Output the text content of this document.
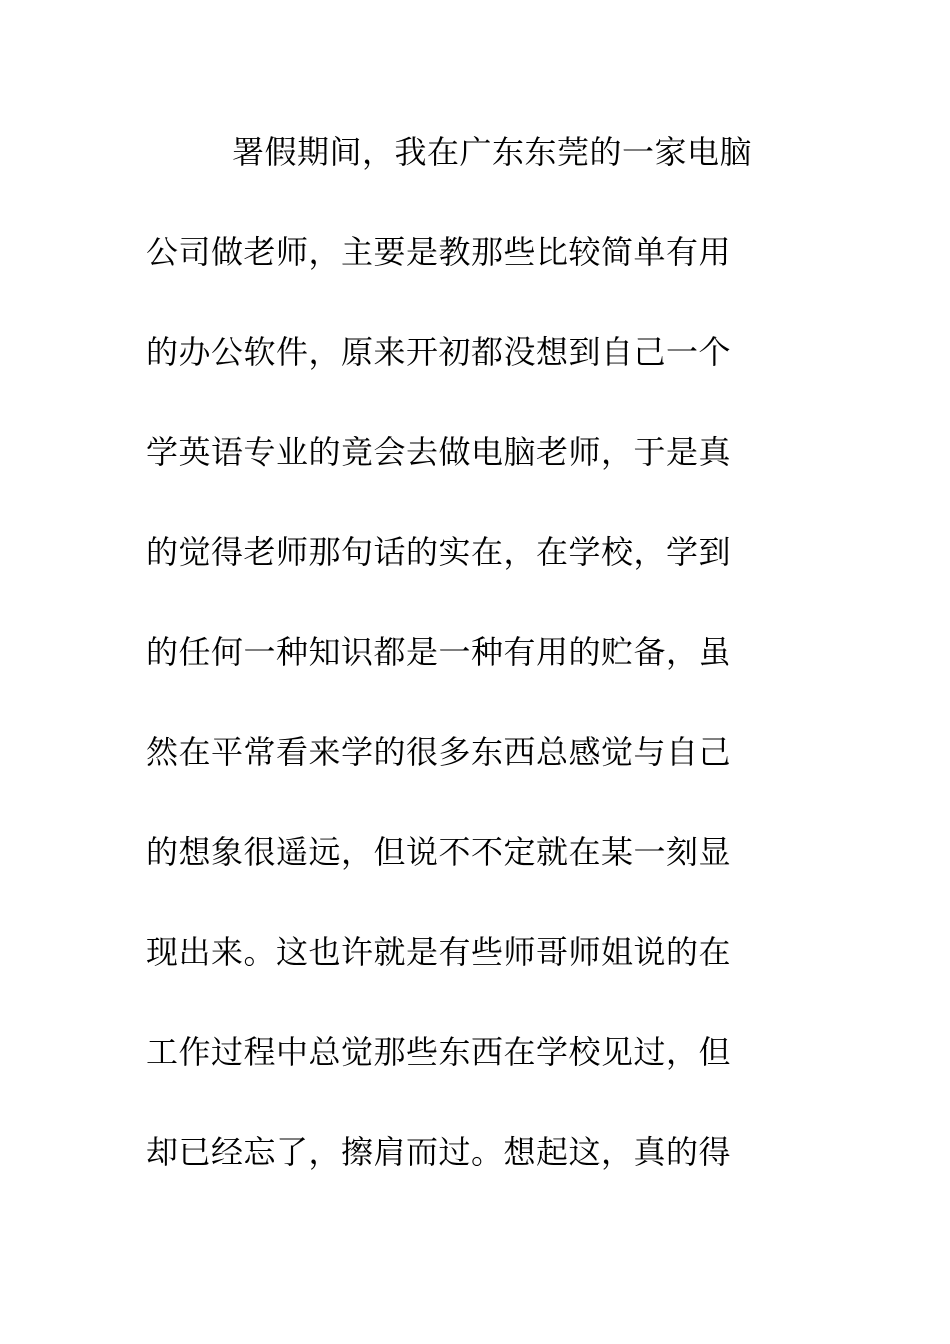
署假期间，我在广东东莞的一家电脑
公司做老师，主要是教那些比较简单有用
的办公软件，原来开初都没想到自己一个
学英语专业的竟会去做电脑老师，于是真
的觉得老师那句话的实在，在学校，学到
的任何一种知识都是一种有用的贮备，虽
然在平常看来学的很多东西总感觉与自己
的想象很遥远，但说不不定就在某一刻显
现出来。这也许就是有些师哥师姐说的在
工作过程中总觉那些东西在学校见过，但
却已经忘了，擦肩而过。想起这，真的得
